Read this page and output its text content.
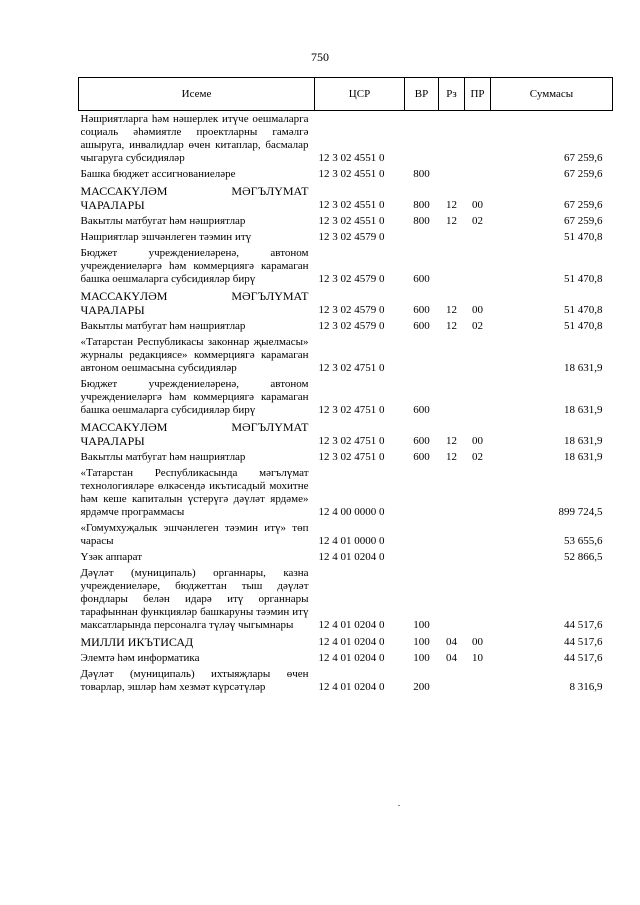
750
Исеме	ЦСР	ВР	Рз	ПР	Суммасы
Нәшриятларга һәм нәшерлек итүче оешмаларга социаль әһәмиятле проектларны гамәлгә ашыруга, инвалидлар өчен китаплар, басмалар чыгаруга субсидияләр	12 3 02 4551 0				67 259,6
Башка бюджет ассигнованиеләре	12 3 02 4551 0	800			67 259,6
МАССАКҮЛӘМ МӘГЪЛҮМАТ ЧАРАЛАРЫ	12 3 02 4551 0	800	12	00	67 259,6
Вакытлы матбугат һәм нәшриятлар	12 3 02 4551 0	800	12	02	67 259,6
Нәшриятлар эшчәнлеген тәэмин итү	12 3 02 4579 0				51 470,8
Бюджет учреждениеләренә, автоном учреждениеләргә һәм коммерциягә карамаган башка оешмаларга субсидияләр бирү	12 3 02 4579 0	600			51 470,8
МАССАКҮЛӘМ МӘГЪЛҮМАТ ЧАРАЛАРЫ	12 3 02 4579 0	600	12	00	51 470,8
Вакытлы матбугат һәм нәшриятлар	12 3 02 4579 0	600	12	02	51 470,8
«Татарстан Республикасы законнар җыелмасы» журналы редакциясе» коммерциягә карамаган автоном оешмасына субсидияләр	12 3 02 4751 0				18 631,9
Бюджет учреждениеләренә, автоном учреждениеләргә һәм коммерциягә карамаган башка оешмаларга субсидияләр бирү	12 3 02 4751 0	600			18 631,9
МАССАКҮЛӘМ МӘГЪЛҮМАТ ЧАРАЛАРЫ	12 3 02 4751 0	600	12	00	18 631,9
Вакытлы матбугат һәм нәшриятлар	12 3 02 4751 0	600	12	02	18 631,9
«Татарстан Республикасында мәгълүмат технологияләре өлкәсендә икътисадый мохитне һәм кеше капиталын үстерүгә дәүләт ярдәме» ярдәмче программасы	12 4 00 0000 0				899 724,5
«Гомумхуҗалык эшчәнлеген тәэмин итү» төп чарасы	12 4 01 0000 0				53 655,6
Үзәк аппарат	12 4 01 0204 0				52 866,5
Дәүләт (муниципаль) органнары, казна учреждениеләре, бюджеттан тыш дәүләт фондлары белән идарә итү органнары тарафыннан функцияләр башкаруны тәэмин итү максатларында персоналга түләү чыгымнары	12 4 01 0204 0	100			44 517,6
МИЛЛИ ИКЪТИСАД	12 4 01 0204 0	100	04	00	44 517,6
Элемтә һәм информатика	12 4 01 0204 0	100	04	10	44 517,6
Дәүләт (муниципаль) ихтыяҗлары өчен товарлар, эшләр һәм хезмәт күрсәтүләр	12 4 01 0204 0	200			8 316,9
